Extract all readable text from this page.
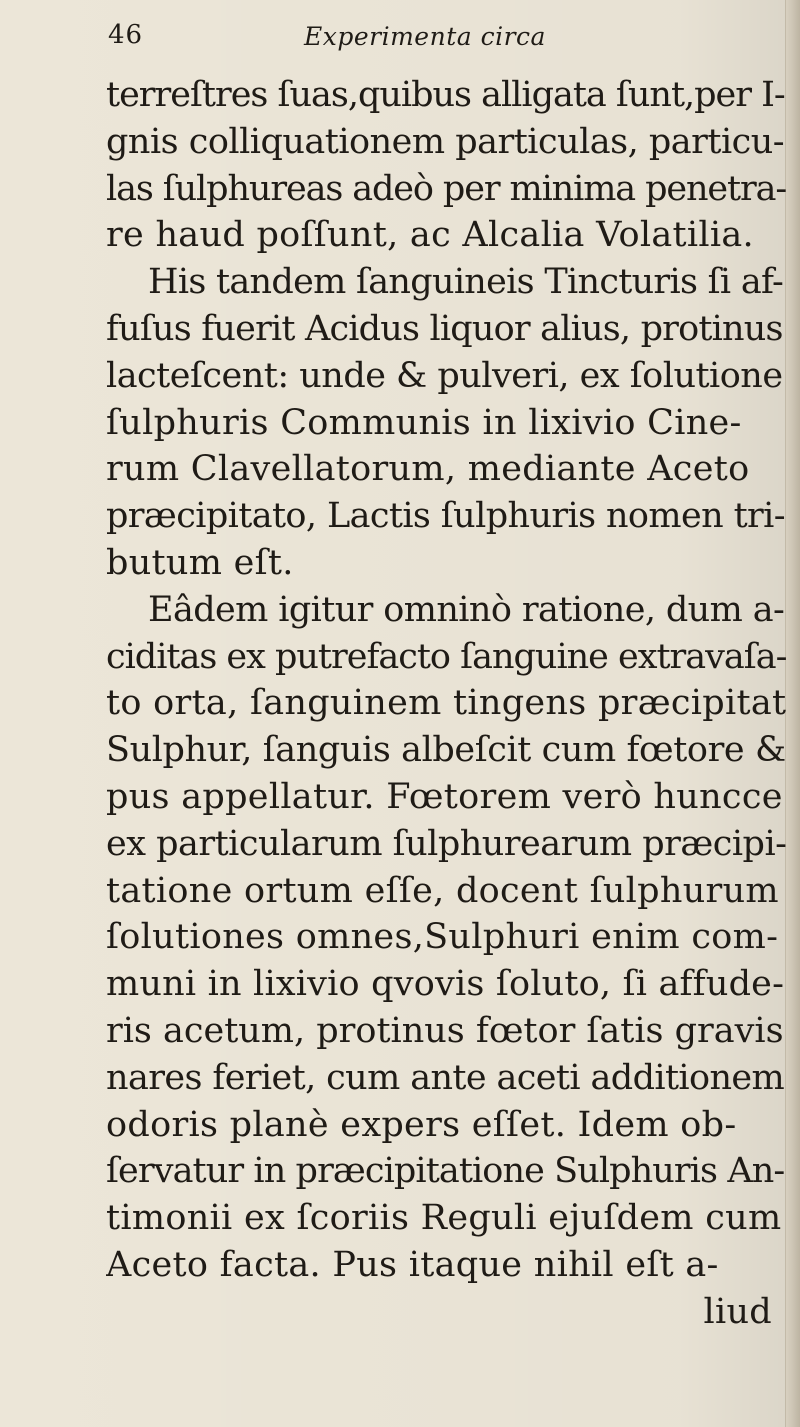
46	Experimenta circa
terreſtres ſuas,quibus alligata ſunt,per I-
gnis colliquationem particulas, particu-
las ſulphureas adeò per minima penetra-
re haud poſſunt, ac Alcalia Volatilia.
His tandem ſanguineis Tincturis ſi af-
fuſus fuerit Acidus liquor alius, protinus
lacteſcent: unde & pulveri, ex ſolutione
ſulphuris Communis in lixivio Cine-
rum Clavellatorum, mediante Aceto
præcipitato, Lactis ſulphuris nomen tri-
butum eſt.
Eâdem igitur omninò ratione, dum a-
ciditas ex putrefacto ſanguine extravaſa-
to orta, ſanguinem tingens præcipitat
Sulphur, ſanguis albeſcit cum fœtore &
pus appellatur. Fœtorem verò huncce
ex particularum ſulphurearum præcipi-
tatione ortum eſſe, docent ſulphurum
ſolutiones omnes,Sulphuri enim com-
muni in lixivio qvovis ſoluto, ſi affude-
ris acetum, protinus fœtor ſatis gravis
nares feriet, cum ante aceti additionem
odoris planè expers eſſet. Idem ob-
ſervatur in præcipitatione Sulphuris An-
timonii ex ſcoriis Reguli ejuſdem cum
Aceto facta. Pus itaque nihil eſt a-
liud
